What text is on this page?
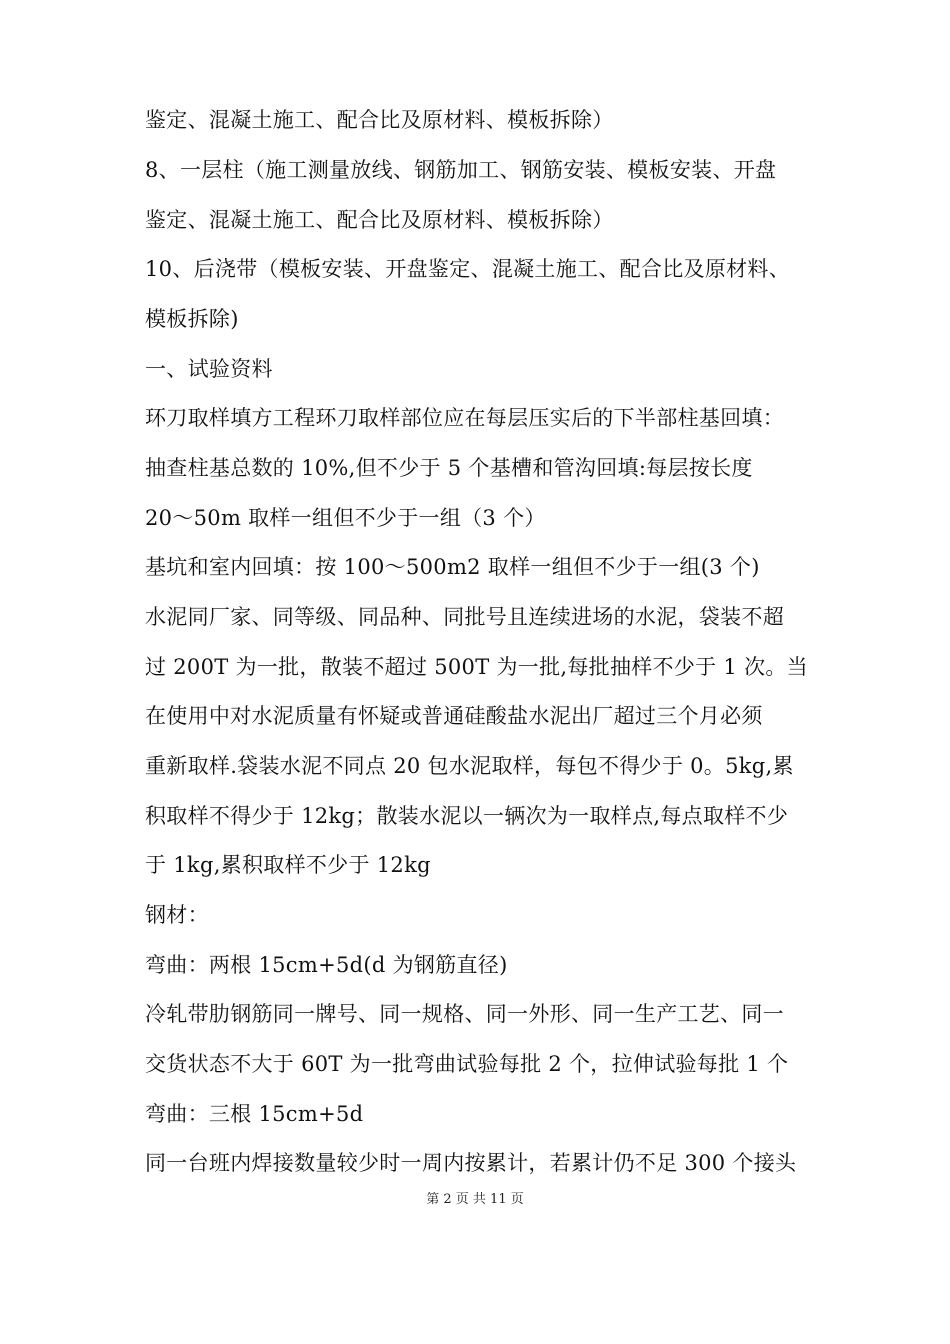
鉴定、混凝土施工、配合比及原材料、模板拆除）
8、一层柱（施工测量放线、钢筋加工、钢筋安装、模板安装、开盘
鉴定、混凝土施工、配合比及原材料、模板拆除）
10、后浇带（模板安装、开盘鉴定、混凝土施工、配合比及原材料、
模板拆除)
一、试验资料
环刀取样填方工程环刀取样部位应在每层压实后的下半部柱基回填：
抽查柱基总数的 10%,但不少于 5 个基槽和管沟回填:每层按长度
20～50m 取样一组但不少于一组（3 个）
基坑和室内回填：按 100～500m2 取样一组但不少于一组(3 个)
水泥同厂家、同等级、同品种、同批号且连续进场的水泥，袋装不超
过 200T 为一批，散装不超过 500T 为一批,每批抽样不少于 1 次。当
在使用中对水泥质量有怀疑或普通硅酸盐水泥出厂超过三个月必须
重新取样.袋装水泥不同点 20 包水泥取样，每包不得少于 0。5kg,累
积取样不得少于 12kg；散装水泥以一辆次为一取样点,每点取样不少
于 1kg,累积取样不少于 12kg
钢材：
弯曲：两根 15cm+5d(d 为钢筋直径)
冷轧带肋钢筋同一牌号、同一规格、同一外形、同一生产工艺、同一
交货状态不大于 60T 为一批弯曲试验每批 2 个，拉伸试验每批 1 个
弯曲：三根 15cm+5d
同一台班内焊接数量较少时一周内按累计，若累计仍不足 300 个接头
第 2 页 共 11 页
